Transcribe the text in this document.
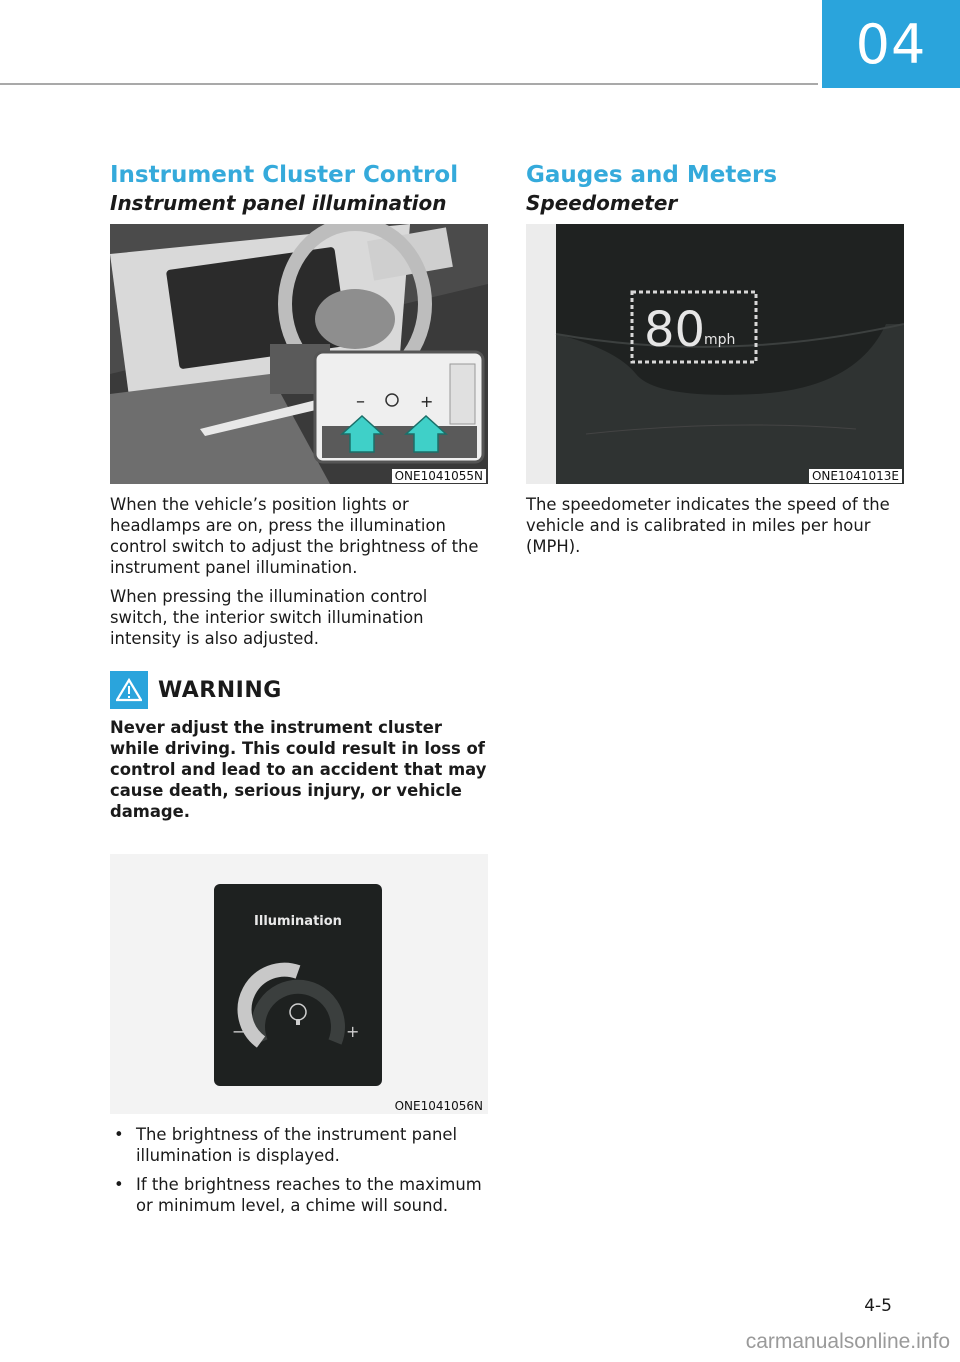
04
Instrument Cluster Control
Instrument panel illumination
–	+
ONE1041055N

When the vehicle’s position lights or headlamps are on, press the illumination control switch to adjust the brightness of the instrument panel illumination.

When pressing the illumination control switch, the interior switch illumination intensity is also adjusted.

WARNING

Never adjust the instrument cluster while driving. This could result in loss of control and lead to an accident that may cause death, serious injury, or vehicle damage.

Illumination
−	+
ONE1041056N
• The brightness of the instrument panel illumination is displayed.
• If the brightness reaches to the maximum or minimum level, a chime will sound.
Gauges and Meters
Speedometer
80
mph
ONE1041013E

The speedometer indicates the speed of the vehicle and is calibrated in miles per hour (MPH).

4-5
carmanualsonline.info
